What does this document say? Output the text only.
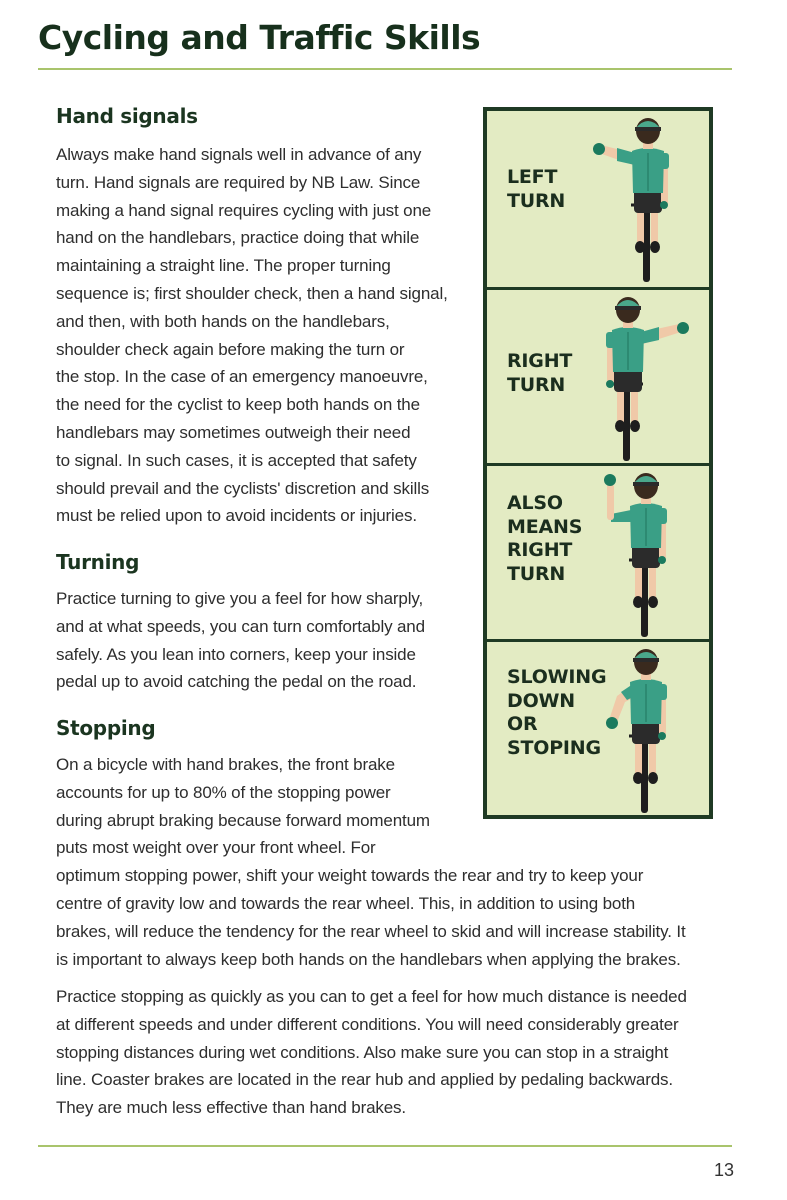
Cycling and Traffic Skills
Hand signals

Always make hand signals well in advance of any

turn. Hand signals are required by NB Law. Since

making a hand signal requires cycling with just one

hand on the handlebars, practice doing that while

maintaining a straight line. The proper turning

sequence is; first shoulder check, then a hand signal,

and then, with both hands on the handlebars,

shoulder check again before making the turn or

the stop. In the case of an emergency manoeuvre,

the need for the cyclist to keep both hands on the

handlebars may sometimes outweigh their need

to signal. In such cases, it is accepted that safety

should prevail and the cyclists' discretion and skills

must be relied upon to avoid incidents or injuries.

Turning

Practice turning to give you a feel for how sharply,

and at what speeds, you can turn comfortably and

safely. As you lean into corners, keep your inside

pedal up to avoid catching the pedal on the road.

Stopping

On a bicycle with hand brakes, the front brake

accounts for up to 80% of the stopping power

during abrupt braking because forward momentum

puts most weight over your front wheel. For

optimum stopping power, shift your weight towards the rear and try to keep your

centre of gravity low and towards the rear wheel. This, in addition to using both

brakes, will reduce the tendency for the rear wheel to skid and will increase stability. It

is important to always keep both hands on the handlebars when applying the brakes.

Practice stopping as quickly as you can to get a feel for how much distance is needed

at different speeds and under different conditions. You will need considerably greater

stopping distances during wet conditions. Also make sure you can stop in a straight

line. Coaster brakes are located in the rear hub and applied by pedaling backwards.

They are much less effective than hand brakes.

LEFT
TURN
RIGHT
TURN
ALSO
MEANS
RIGHT
TURN
SLOWING
DOWN
OR
STOPING
13
